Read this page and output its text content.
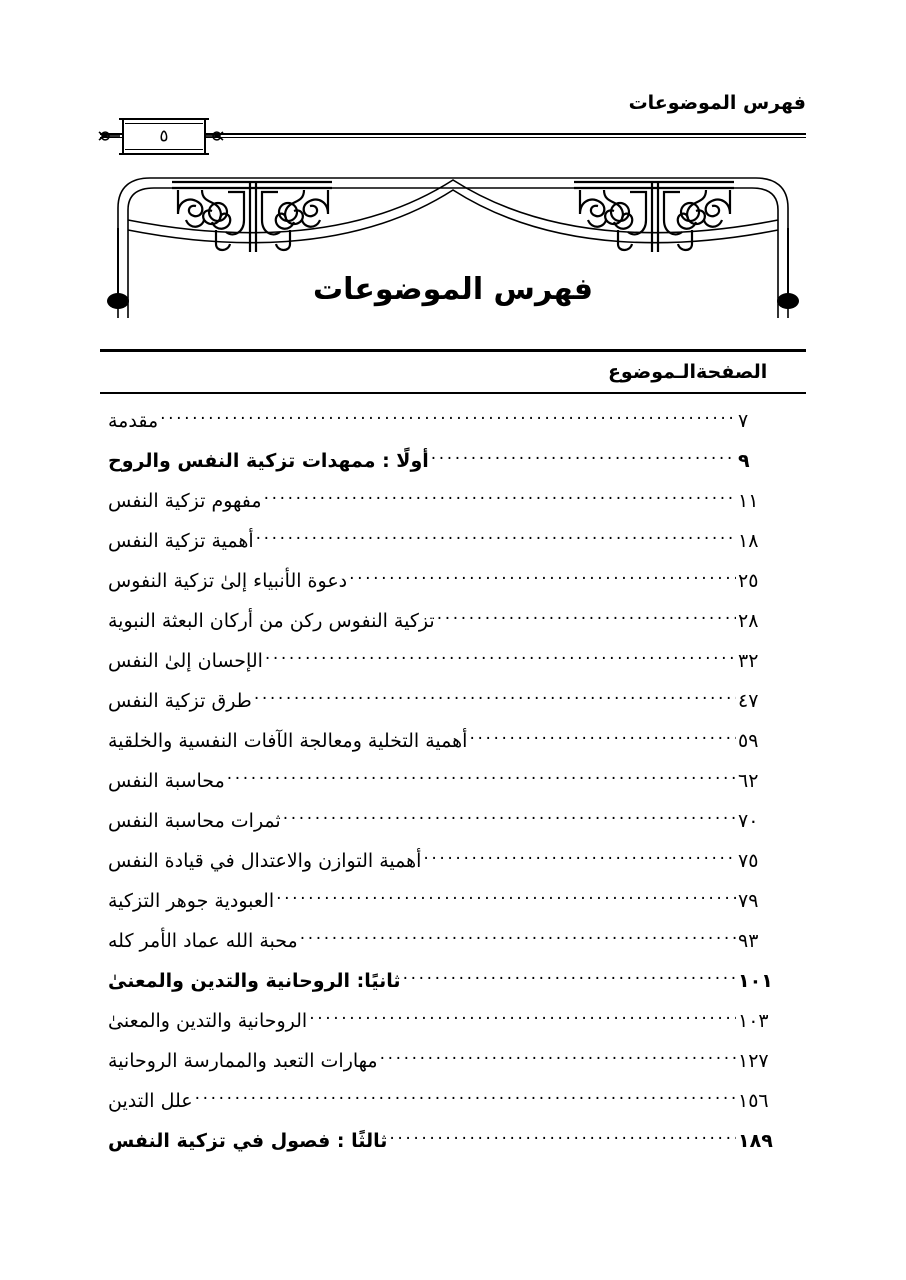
فهرس الموضوعات
٥
فهرس الموضوعات
الصفحة
الـموضوع
٧
.....
مقدمة
٩
.....
أولًا : ممهدات تزكية النفس والروح
١١
.....
مفهوم تزكية النفس
١٨
.....
أهمية تزكية النفس
٢٥
.....
دعوة الأنبياء إلىٰ تزكية النفوس
٢٨
.....
تزكية النفوس ركن من أركان البعثة النبوية
٣٢
.....
الإحسان إلىٰ النفس
٤٧
.....
طرق تزكية النفس
٥٩
.....
أهمية التخلية ومعالجة الآفات النفسية والخلقية
٦٢
.....
محاسبة النفس
٧٠
.....
ثمرات محاسبة النفس
٧٥
.....
أهمية التوازن والاعتدال في قيادة النفس
٧٩
.....
العبودية جوهر التزكية
٩٣
.....
محبة الله عماد الأمر كله
١٠١
.....
ثانيًا: الروحانية والتدين والمعنىٰ
١٠٣
.....
الروحانية والتدين والمعنىٰ
١٢٧
.....
مهارات التعبد والممارسة الروحانية
١٥٦
.....
علل التدين
١٨٩
.....
ثالثًا : فصول في تزكية النفس
